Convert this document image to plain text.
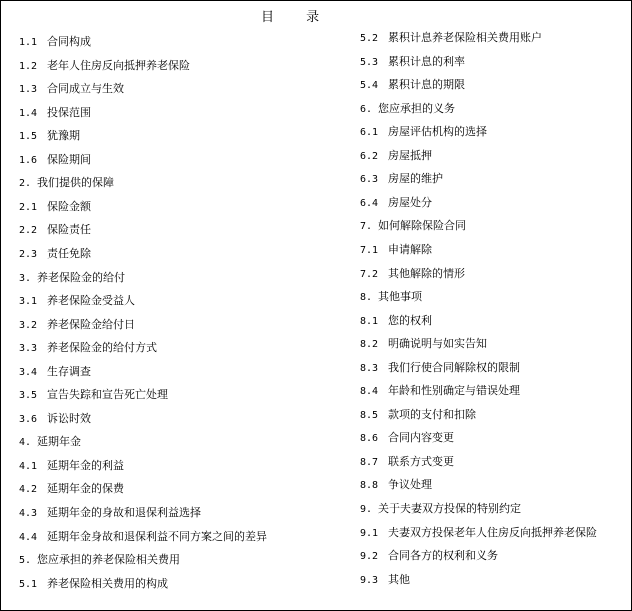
目 录
1.1 合同构成
1.2 老年人住房反向抵押养老保险
1.3 合同成立与生效
1.4 投保范围
1.5 犹豫期
1.6 保险期间
2. 我们提供的保障
2.1 保险金额
2.2 保险责任
2.3 责任免除
3. 养老保险金的给付
3.1 养老保险金受益人
3.2 养老保险金给付日
3.3 养老保险金的给付方式
3.4 生存调查
3.5 宣告失踪和宣告死亡处理
3.6 诉讼时效
4. 延期年金
4.1 延期年金的利益
4.2 延期年金的保费
4.3 延期年金的身故和退保利益选择
4.4 延期年金身故和退保利益不同方案之间的差异
5. 您应承担的养老保险相关费用
5.1 养老保险相关费用的构成
5.2 累积计息养老保险相关费用账户
5.3 累积计息的利率
5.4 累积计息的期限
6. 您应承担的义务
6.1 房屋评估机构的选择
6.2 房屋抵押
6.3 房屋的维护
6.4 房屋处分
7. 如何解除保险合同
7.1 申请解除
7.2 其他解除的情形
8. 其他事项
8.1 您的权利
8.2 明确说明与如实告知
8.3 我们行使合同解除权的限制
8.4 年龄和性别确定与错误处理
8.5 款项的支付和扣除
8.6 合同内容变更
8.7 联系方式变更
8.8 争议处理
9. 关于夫妻双方投保的特别约定
9.1 夫妻双方投保老年人住房反向抵押养老保险
9.2 合同各方的权利和义务
9.3 其他
